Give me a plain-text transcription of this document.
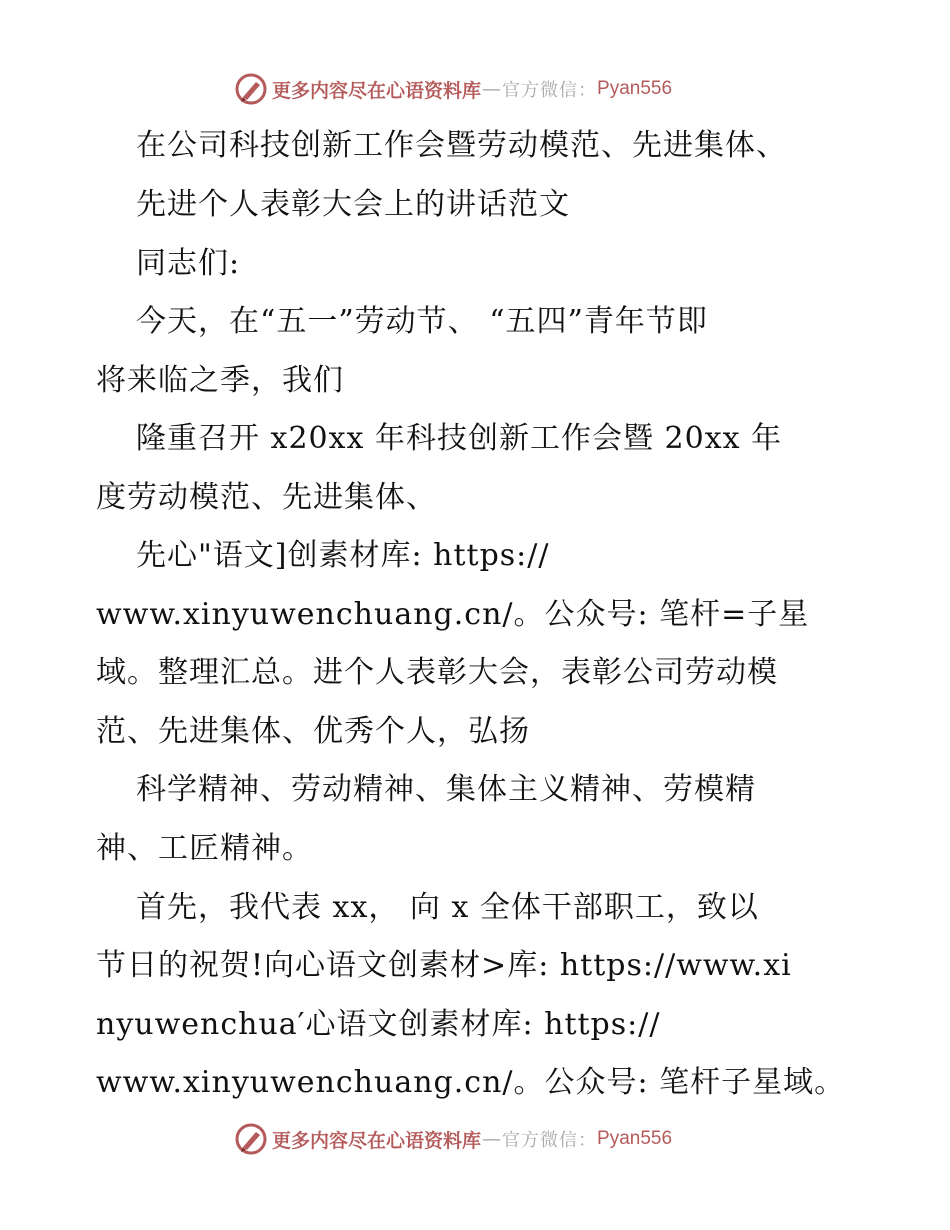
更多内容尽在心语资料库 — 官方微信： Pyan556
在公司科技创新工作会暨劳动模范、先进集体、
先进个人表彰大会上的讲话范文
同志们:
今天，在“五一”劳动节、 “五四”青年节即
将来临之季，我们
隆重召开 x20xx 年科技创新工作会暨 20xx 年
度劳动模范、先进集体、
先心"语文]创素材库: https://
www.xinyuwenchuang.cn/。公众号: 笔杆=子星
域。整理汇总。进个人表彰大会，表彰公司劳动模
范、先进集体、优秀个人，弘扬
科学精神、劳动精神、集体主义精神、劳模精
神、工匠精神。
首先，我代表 xx， 向 x 全体干部职工，致以
节日的祝贺!向心语文创素材>库: https://www.xi
nyuwenchua′心语文创素材库: https://
www.xinyuwenchuang.cn/。公众号: 笔杆子星域。
更多内容尽在心语资料库 — 官方微信： Pyan556
